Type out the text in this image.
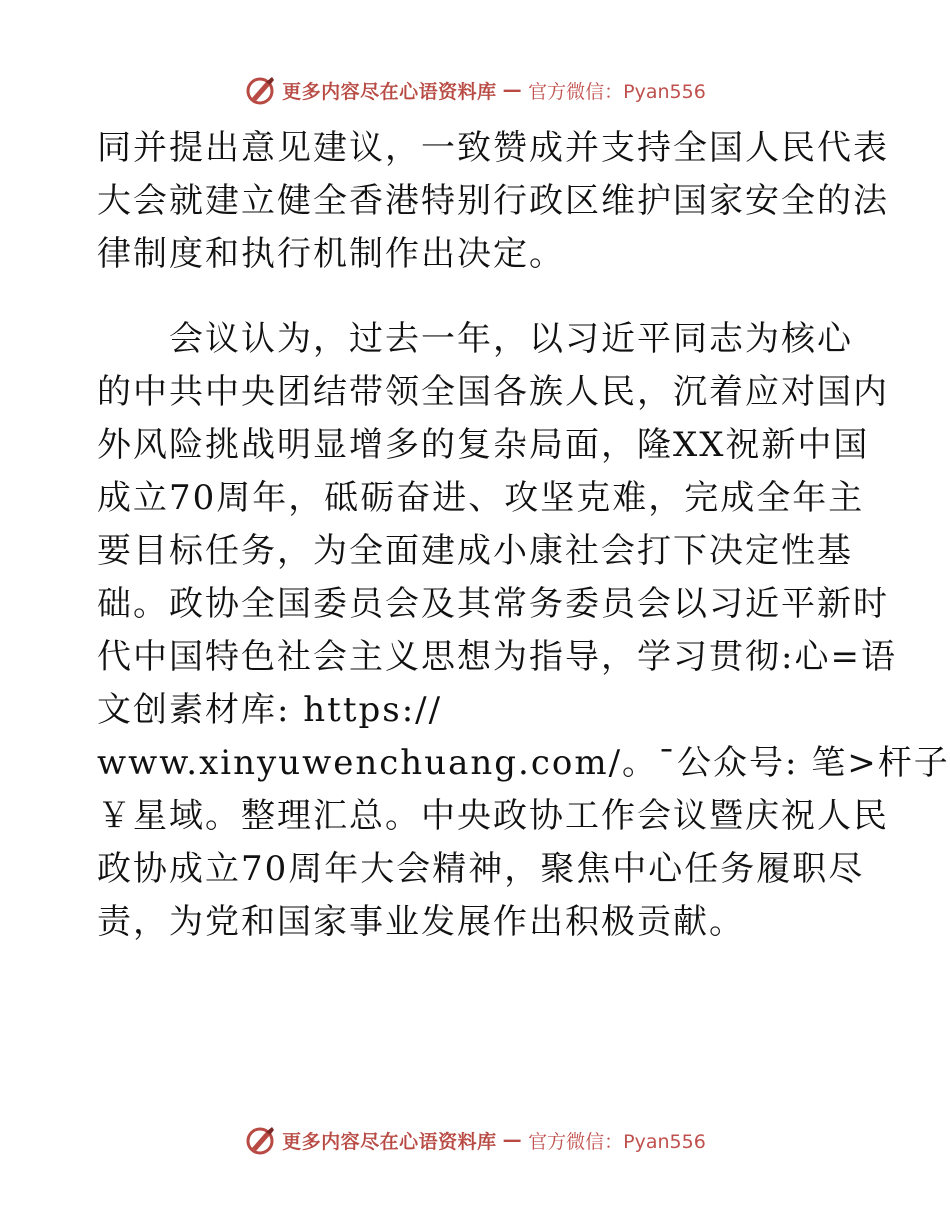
更多内容尽在心语资料库 — 官方微信：Pyan556
同并提出意见建议，一致赞成并支持全国人民代表
大会就建立健全香港特别行政区维护国家安全的法
律制度和执行机制作出决定。
　　会议认为，过去一年，以习近平同志为核心
的中共中央团结带领全国各族人民，沉着应对国内
外风险挑战明显增多的复杂局面，隆XX祝新中国
成立70周年，砥砺奋进、攻坚克难，完成全年主
要目标任务，为全面建成小康社会打下决定性基
础。政协全国委员会及其常务委员会以习近平新时
代中国特色社会主义思想为指导，学习贯彻:心=语
文创素材库: https://
www.xinyuwenchuang.com/。¯公众号: 笔>杆子
￥星域。整理汇总。中央政协工作会议暨庆祝人民
政协成立70周年大会精神，聚焦中心任务履职尽
责，为党和国家事业发展作出积极贡献。
更多内容尽在心语资料库 — 官方微信：Pyan556
